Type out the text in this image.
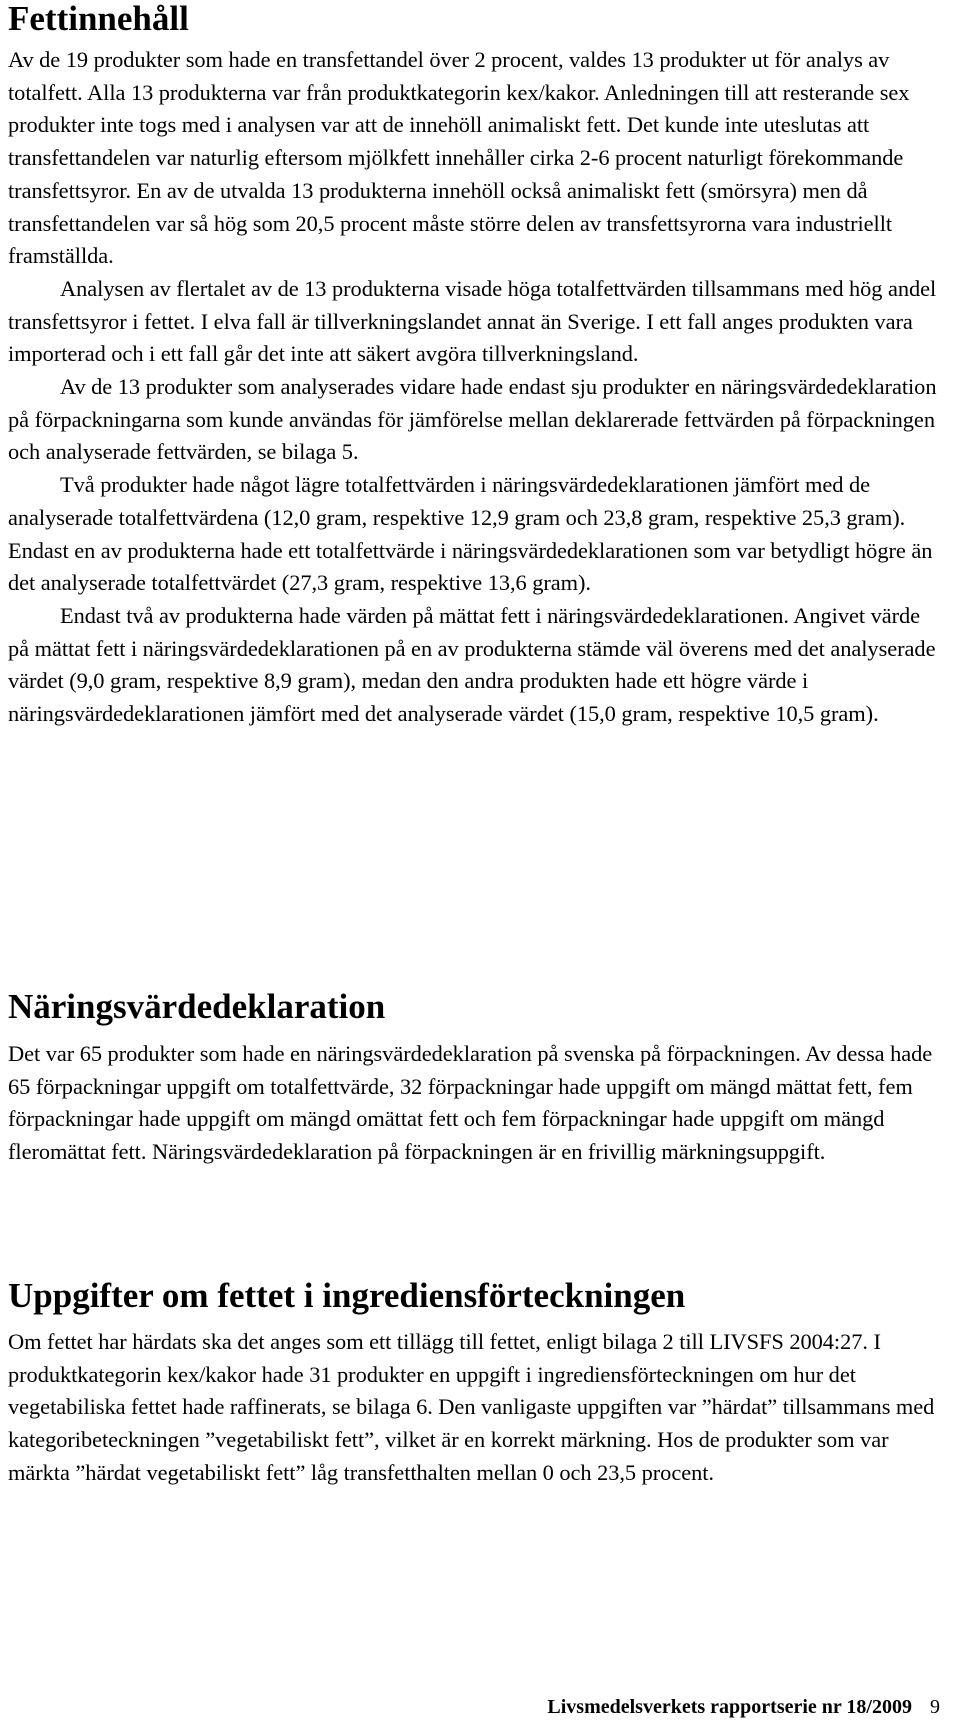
Fettinnehåll

Av de 19 produkter som hade en transfettandel över 2 procent, valdes 13 produkter ut för analys av totalfett. Alla 13 produkterna var från produktkategorin kex/kakor. Anledningen till att resterande sex produkter inte togs med i analysen var att de innehöll animaliskt fett. Det kunde inte uteslutas att transfettandelen var naturlig eftersom mjölkfett innehåller cirka 2-6 procent naturligt förekommande transfettsyror. En av de utvalda 13 produkterna innehöll också animaliskt fett (smörsyra) men då transfettandelen var så hög som 20,5 procent måste större delen av transfettsyrorna vara industriellt framställda.

Analysen av flertalet av de 13 produkterna visade höga totalfettvärden tillsammans med hög andel transfettsyror i fettet. I elva fall är tillverkningslandet annat än Sverige. I ett fall anges produkten vara importerad och i ett fall går det inte att säkert avgöra tillverkningsland.

Av de 13 produkter som analyserades vidare hade endast sju produkter en näringsvärdedeklaration på förpackningarna som kunde användas för jämförelse mellan deklarerade fettvärden på förpackningen och analyserade fettvärden, se bilaga 5.

Två produkter hade något lägre totalfettvärden i näringsvärdedeklarationen jämfört med de analyserade totalfettvärdena (12,0 gram, respektive 12,9 gram och 23,8 gram, respektive 25,3 gram). Endast en av produkterna hade ett totalfettvärde i näringsvärdedeklarationen som var betydligt högre än det analyserade totalfettvärdet (27,3 gram, respektive 13,6 gram).

Endast två av produkterna hade värden på mättat fett i näringsvärdedeklarationen. Angivet värde på mättat fett i näringsvärdedeklarationen på en av produkterna stämde väl överens med det analyserade värdet (9,0 gram, respektive 8,9 gram), medan den andra produkten hade ett högre värde i näringsvärdedeklarationen jämfört med det analyserade värdet (15,0 gram, respektive 10,5 gram).

Näringsvärdedeklaration

Det var 65 produkter som hade en näringsvärdedeklaration på svenska på förpackningen. Av dessa hade 65 förpackningar uppgift om totalfettvärde, 32 förpackningar hade uppgift om mängd mättat fett, fem förpackningar hade uppgift om mängd omättat fett och fem förpackningar hade uppgift om mängd fleromättat fett. Näringsvärdedeklaration på förpackningen är en frivillig märkningsuppgift.

Uppgifter om fettet i ingrediensförteckningen

Om fettet har härdats ska det anges som ett tillägg till fettet, enligt bilaga 2 till LIVSFS 2004:27. I produktkategorin kex/kakor hade 31 produkter en uppgift i ingrediensförteckningen om hur det vegetabiliska fettet hade raffinerats, se bilaga 6. Den vanligaste uppgiften var ”härdat” tillsammans med kategoribeteckningen ”vegetabiliskt fett”, vilket är en korrekt märkning. Hos de produkter som var märkta ”härdat vegetabiliskt fett” låg transfetthalten mellan 0 och 23,5 procent.

Livsmedelsverkets rapportserie nr 18/2009 9
